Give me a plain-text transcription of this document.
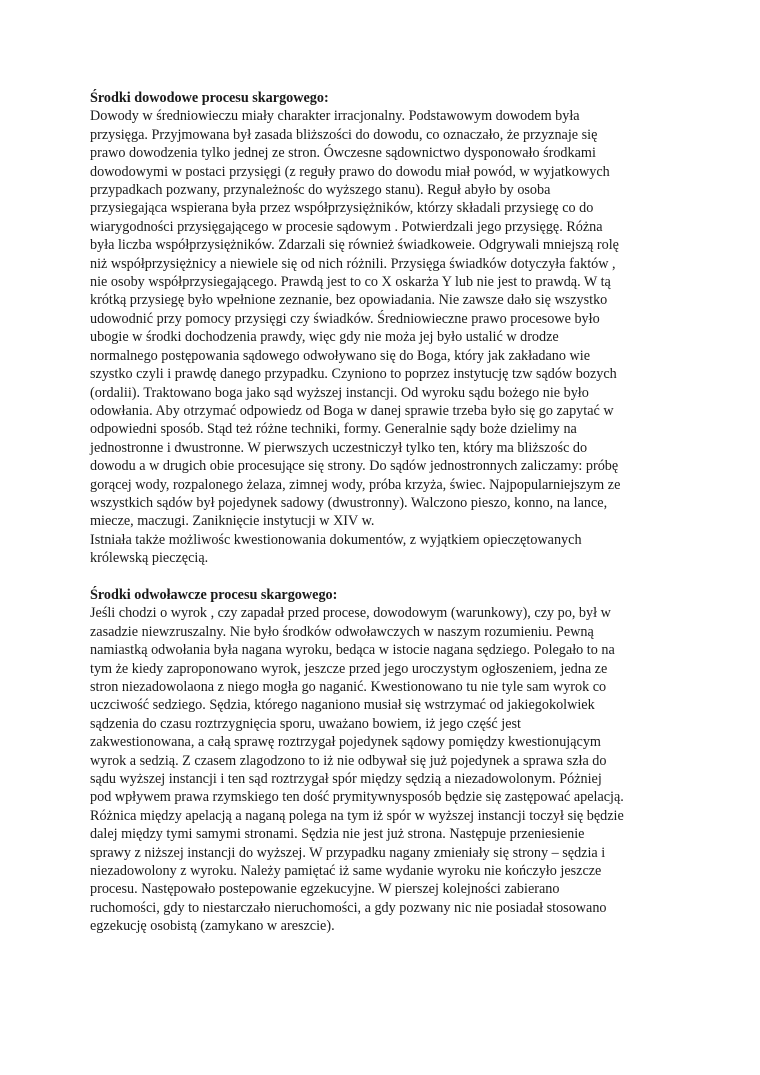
Środki dowodowe procesu skargowego:
Dowody w średniowieczu miały charakter irracjonalny. Podstawowym dowodem była
przysięga. Przyjmowana był zasada bliższości do dowodu, co oznaczało, że przyznaje się
prawo dowodzenia tylko jednej ze stron. Ówczesne sądownictwo dysponowało środkami
dowodowymi w postaci przysięgi (z reguły prawo do dowodu miał powód, w wyjatkowych
przypadkach pozwany, przynależnośc do wyższego stanu). Reguł abyło by osoba
przysiegająca wspierana była przez współprzysiężników, którzy składali przysiegę co do
wiarygodności przysięgającego w procesie sądowym . Potwierdzali jego przysięgę. Różna
była liczba współprzysiężników. Zdarzali się również świadkoweie. Odgrywali mniejszą rolę
niż współprzysiężnicy a niewiele się od nich różnili. Przysięga świadków dotyczyła faktów ,
nie osoby współprzysiegającego. Prawdą jest to co X oskarża Y lub nie jest to prawdą. W tą
krótką przysiegę było wpełnione zeznanie, bez opowiadania. Nie zawsze dało się wszystko
udowodnić przy pomocy przysięgi czy świadków. Średniowieczne prawo procesowe było
ubogie w środki dochodzenia prawdy, więc gdy nie moża jej było ustalić w drodze
normalnego postępowania sądowego odwoływano się do Boga, który jak zakładano wie
szystko czyli i prawdę danego przypadku. Czyniono to poprzez instytucję tzw sądów bozych
(ordalii). Traktowano boga jako sąd wyższej instancji. Od wyroku sądu bożego nie było
odowłania. Aby otrzymać odpowiedz od Boga w danej sprawie trzeba było się go zapytać w
odpowiedni sposób. Stąd też różne techniki, formy. Generalnie sądy boże dzielimy na
jednostronne i dwustronne. W pierwszych uczestniczył tylko ten, który ma bliższośc do
dowodu a w drugich obie procesujące się strony. Do sądów jednostronnych zaliczamy: próbę
gorącej wody, rozpalonego żelaza, zimnej wody, próba krzyża, świec. Najpopularniejszym ze
wszystkich sądów był pojedynek sadowy (dwustronny). Walczono pieszo, konno, na lance,
miecze, maczugi. Zaniknięcie instytucji w XIV w.
Istniała także możliwośc kwestionowania dokumentów, z wyjątkiem opieczętowanych
królewską pieczęcią.
Środki odwoławcze procesu skargowego:
Jeśli chodzi o wyrok , czy zapadał przed procese, dowodowym (warunkowy), czy po, był w
zasadzie niewzruszalny. Nie było środków odwoławczych w naszym rozumieniu. Pewną
namiastką odwołania była nagana wyroku, bedąca w istocie nagana sędziego. Polegało to na
tym że kiedy zaproponowano wyrok, jeszcze przed jego uroczystym ogłoszeniem, jedna ze
stron niezadowolaona z niego mogła go naganić. Kwestionowano tu nie tyle sam wyrok co
uczciwość sedziego. Sędzia, którego naganiono musiał się wstrzymać od jakiegokolwiek
sądzenia do czasu roztrzygnięcia sporu, uważano bowiem, iż jego część jest
zakwestionowana, a całą sprawę roztrzygał pojedynek sądowy pomiędzy kwestionującym
wyrok a sedzią. Z czasem zlagodzono to iż nie odbywał się już pojedynek a sprawa szła do
sądu wyższej instancji i ten sąd roztrzygał spór między sędzią a niezadowolonym. Póżniej
pod wpływem prawa rzymskiego ten dość prymitywnysposób będzie się zastępować apelacją.
Różnica między apelacją a naganą polega na tym iż spór w wyższej instancji toczył się będzie
dalej między tymi samymi stronami. Sędzia nie jest już strona. Następuje przeniesienie
sprawy z niższej instancji do wyższej. W przypadku nagany zmieniały się strony – sędzia i
niezadowolony z wyroku. Należy pamiętać iż same wydanie wyroku nie kończyło jeszcze
procesu. Następowało postepowanie egzekucyjne. W pierszej kolejności zabierano
ruchomości, gdy to niestarczało nieruchomości, a gdy pozwany nic nie posiadał stosowano
egzekucję osobistą (zamykano w areszcie).
